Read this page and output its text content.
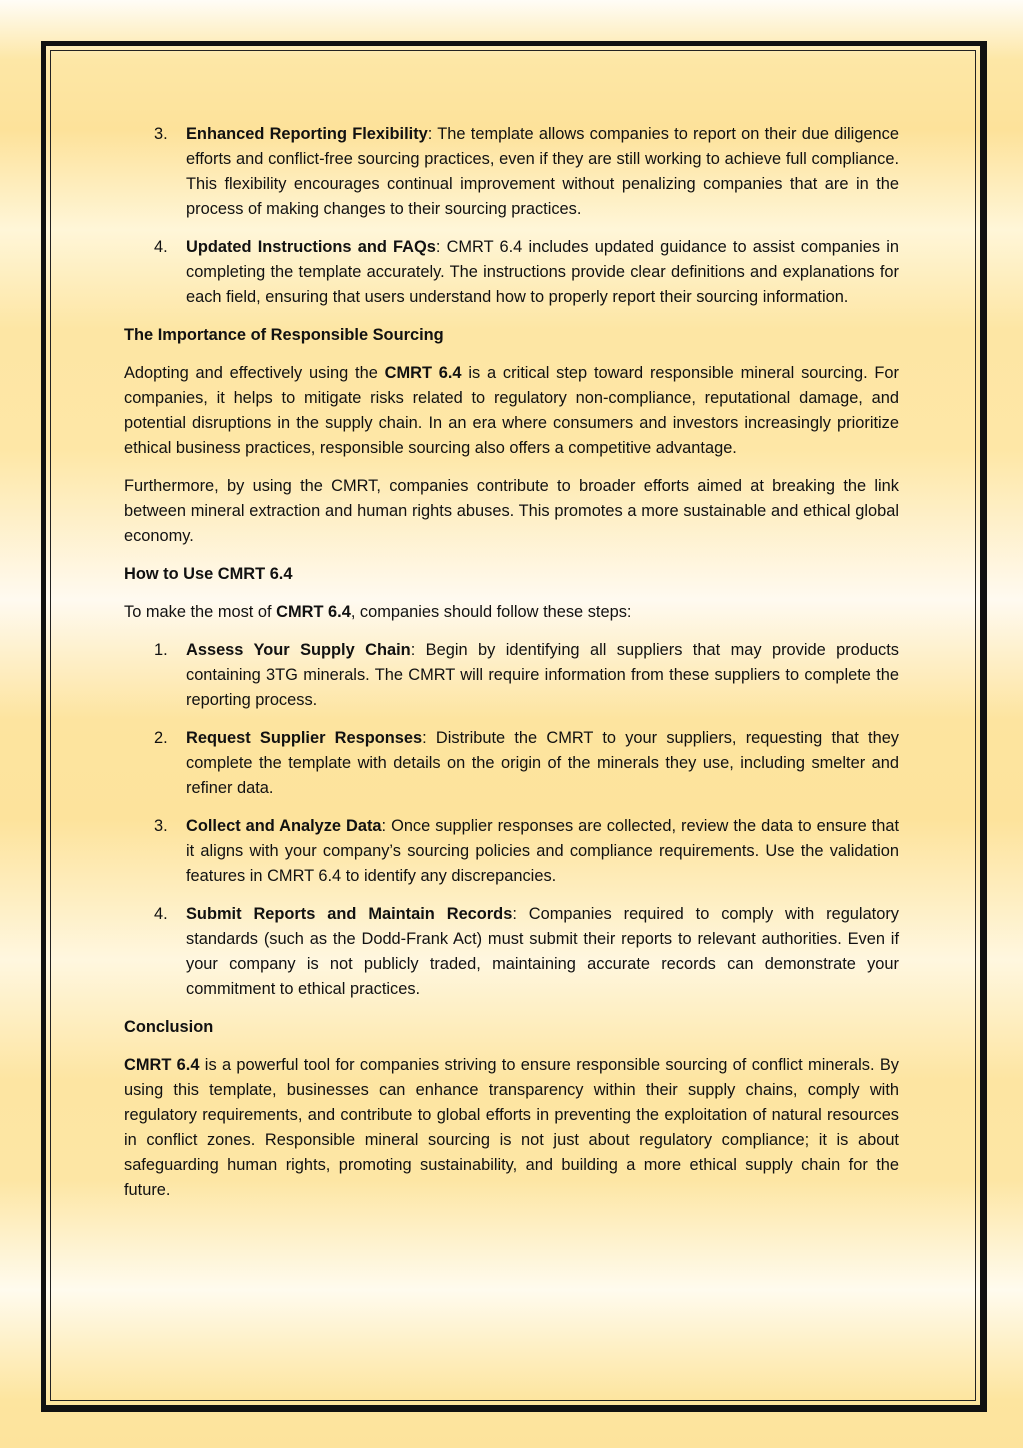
3. Enhanced Reporting Flexibility: The template allows companies to report on their due diligence efforts and conflict-free sourcing practices, even if they are still working to achieve full compliance. This flexibility encourages continual improvement without penalizing companies that are in the process of making changes to their sourcing practices.
4. Updated Instructions and FAQs: CMRT 6.4 includes updated guidance to assist companies in completing the template accurately. The instructions provide clear definitions and explanations for each field, ensuring that users understand how to properly report their sourcing information.

The Importance of Responsible Sourcing

Adopting and effectively using the CMRT 6.4 is a critical step toward responsible mineral sourcing. For companies, it helps to mitigate risks related to regulatory non-compliance, reputational damage, and potential disruptions in the supply chain. In an era where consumers and investors increasingly prioritize ethical business practices, responsible sourcing also offers a competitive advantage.

Furthermore, by using the CMRT, companies contribute to broader efforts aimed at breaking the link between mineral extraction and human rights abuses. This promotes a more sustainable and ethical global economy.

How to Use CMRT 6.4

To make the most of CMRT 6.4, companies should follow these steps:

1. Assess Your Supply Chain: Begin by identifying all suppliers that may provide products containing 3TG minerals. The CMRT will require information from these suppliers to complete the reporting process.
2. Request Supplier Responses: Distribute the CMRT to your suppliers, requesting that they complete the template with details on the origin of the minerals they use, including smelter and refiner data.
3. Collect and Analyze Data: Once supplier responses are collected, review the data to ensure that it aligns with your company’s sourcing policies and compliance requirements. Use the validation features in CMRT 6.4 to identify any discrepancies.
4. Submit Reports and Maintain Records: Companies required to comply with regulatory standards (such as the Dodd-Frank Act) must submit their reports to relevant authorities. Even if your company is not publicly traded, maintaining accurate records can demonstrate your commitment to ethical practices.

Conclusion

CMRT 6.4 is a powerful tool for companies striving to ensure responsible sourcing of conflict minerals. By using this template, businesses can enhance transparency within their supply chains, comply with regulatory requirements, and contribute to global efforts in preventing the exploitation of natural resources in conflict zones. Responsible mineral sourcing is not just about regulatory compliance; it is about safeguarding human rights, promoting sustainability, and building a more ethical supply chain for the future.
